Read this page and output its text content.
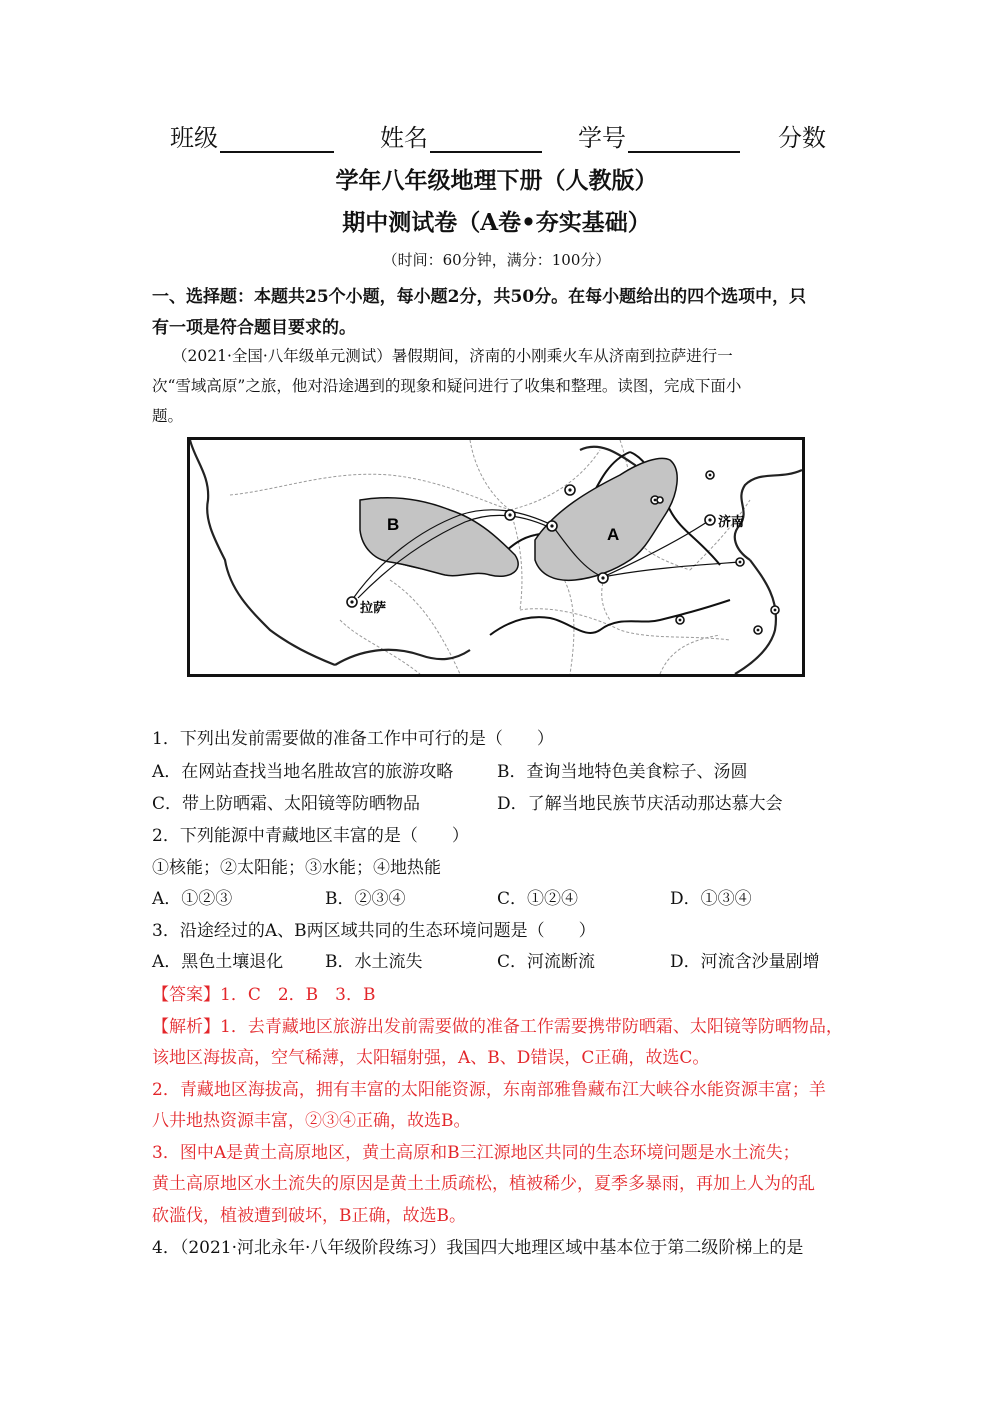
班级	姓名	学号	分数
学年八年级地理下册（人教版）
期中测试卷（A卷•夯实基础）
（时间：60分钟，满分：100分）
一、选择题：本题共25个小题，每小题2分，共50分。在每小题给出的四个选项中，只
有一项是符合题目要求的。
（2021·全国·八年级单元测试）暑假期间，济南的小刚乘火车从济南到拉萨进行一
次“雪域高原”之旅，他对沿途遇到的现象和疑问进行了收集和整理。读图，完成下面小
题。
B
A
拉萨
济南
1．下列出发前需要做的准备工作中可行的是（　　）
A．在网站查找当地名胜故宫的旅游攻略	B．查询当地特色美食粽子、汤圆
C．带上防晒霜、太阳镜等防晒物品	D．了解当地民族节庆活动那达慕大会
2．下列能源中青藏地区丰富的是（　　）
①核能；②太阳能；③水能；④地热能
A．①②③	B．②③④	C．①②④	D．①③④
3．沿途经过的A、B两区域共同的生态环境问题是（　　）
A．黑色土壤退化 B．水土流失	C．河流断流	D．河流含沙量剧增
【答案】1．C　2．B　3．B
【解析】1．去青藏地区旅游出发前需要做的准备工作需要携带防晒霜、太阳镜等防晒物品，
该地区海拔高，空气稀薄，太阳辐射强，A、B、D错误，C正确，故选C。
2．青藏地区海拔高，拥有丰富的太阳能资源，东南部雅鲁藏布江大峡谷水能资源丰富；羊
八井地热资源丰富，②③④正确，故选B。
3．图中A是黄土高原地区，黄土高原和B三江源地区共同的生态环境问题是水土流失；
黄土高原地区水土流失的原因是黄土土质疏松，植被稀少，夏季多暴雨，再加上人为的乱
砍滥伐，植被遭到破坏，B正确，故选B。
4．（2021·河北永年·八年级阶段练习）我国四大地理区域中基本位于第二级阶梯上的是
